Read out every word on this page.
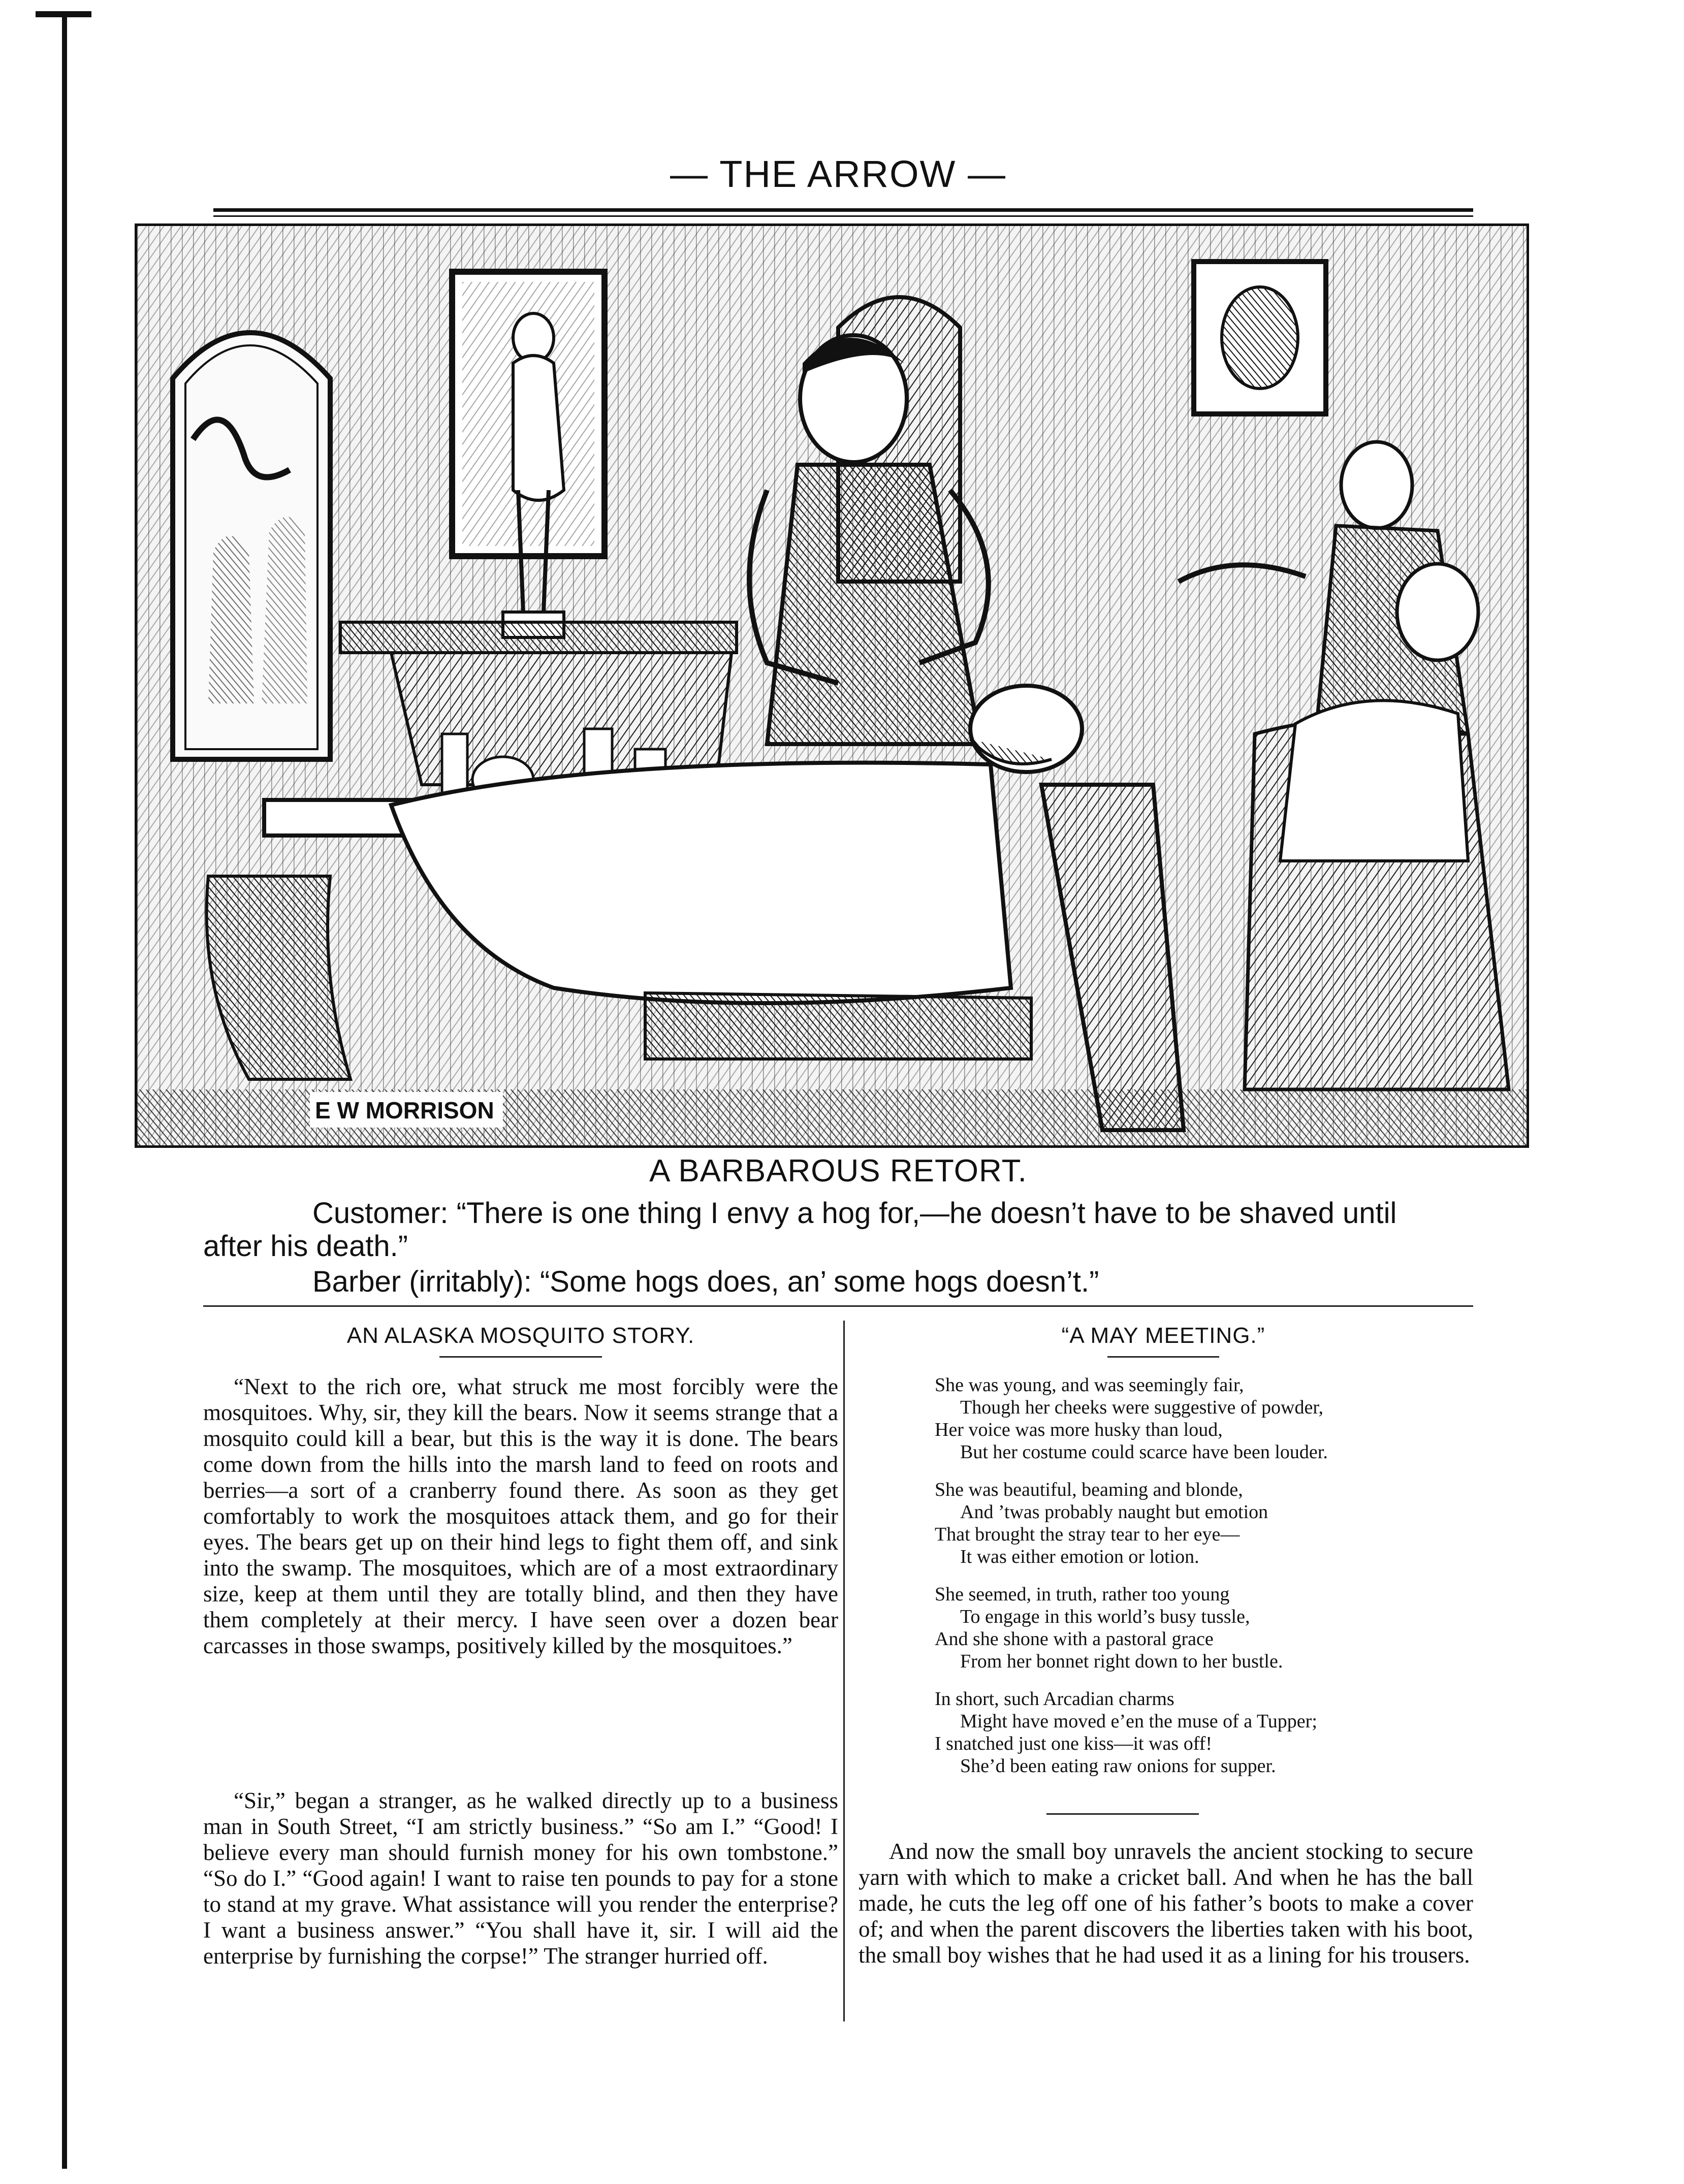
— THE ARROW —
E W MORRISON
A BARBAROUS RETORT.
Customer: “There is one thing I envy a hog for,—he doesn’t have to be shaved until
after his death.”
Barber (irritably): “Some hogs does, an’ some hogs doesn’t.”
AN ALASKA MOSQUITO STORY.

“Next to the rich ore, what struck me most forcibly were the mosquitoes. Why, sir, they kill the bears. Now it seems strange that a mosquito could kill a bear, but this is the way it is done. The bears come down from the hills into the marsh land to feed on roots and berries—a sort of a cranberry found there. As soon as they get comfortably to work the mosquitoes attack them, and go for their eyes. The bears get up on their hind legs to fight them off, and sink into the swamp. The mosquitoes, which are of a most extraordinary size, keep at them until they are totally blind, and then they have them completely at their mercy. I have seen over a dozen bear carcasses in those swamps, positively killed by the mosquitoes.”

“Sir,” began a stranger, as he walked directly up to a business man in South Street, “I am strictly business.” “So am I.” “Good! I believe every man should furnish money for his own tombstone.” “So do I.” “Good again! I want to raise ten pounds to pay for a stone to stand at my grave. What assistance will you render the enterprise? I want a business answer.” “You shall have it, sir. I will aid the enterprise by furnishing the corpse!” The stranger hurried off.

“A MAY MEETING.”
She was young, and was seemingly fair,
Though her cheeks were suggestive of powder,
Her voice was more husky than loud,
But her costume could scarce have been louder.
She was beautiful, beaming and blonde,
And ’twas probably naught but emotion
That brought the stray tear to her eye—
It was either emotion or lotion.
She seemed, in truth, rather too young
To engage in this world’s busy tussle,
And she shone with a pastoral grace
From her bonnet right down to her bustle.
In short, such Arcadian charms
Might have moved e’en the muse of a Tupper;
I snatched just one kiss—it was off!
She’d been eating raw onions for supper.

And now the small boy unravels the ancient stocking to secure yarn with which to make a cricket ball. And when he has the ball made, he cuts the leg off one of his father’s boots to make a cover of; and when the parent discovers the liberties taken with his boot, the small boy wishes that he had used it as a lining for his trousers.
